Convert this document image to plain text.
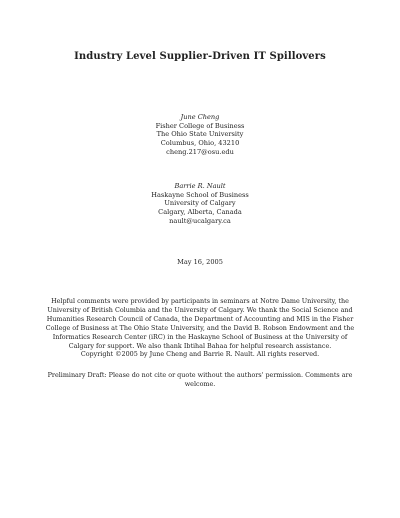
Industry Level Supplier-Driven IT Spillovers
June Cheng
Fisher College of Business
The Ohio State University
Columbus, Ohio, 43210
cheng.217@osu.edu
Barrie R. Nault
Haskayne School of Business
University of Calgary
Calgary, Alberta, Canada
nault@ucalgary.ca
May 16, 2005
Helpful comments were provided by participants in seminars at Notre Dame University, the
University of British Columbia and the University of Calgary. We thank the Social Science and
Humanities Research Council of Canada, the Department of Accounting and MIS in the Fisher
College of Business at The Ohio State University, and the David B. Robson Endowment and the
Informatics Research Center (iRC) in the Haskayne School of Business at the University of
Calgary for support. We also thank Ibtihal Bahaa for helpful research assistance.
Copyright ©2005 by June Cheng and Barrie R. Nault. All rights reserved.
Preliminary Draft: Please do not cite or quote without the authors' permission. Comments are
welcome.
